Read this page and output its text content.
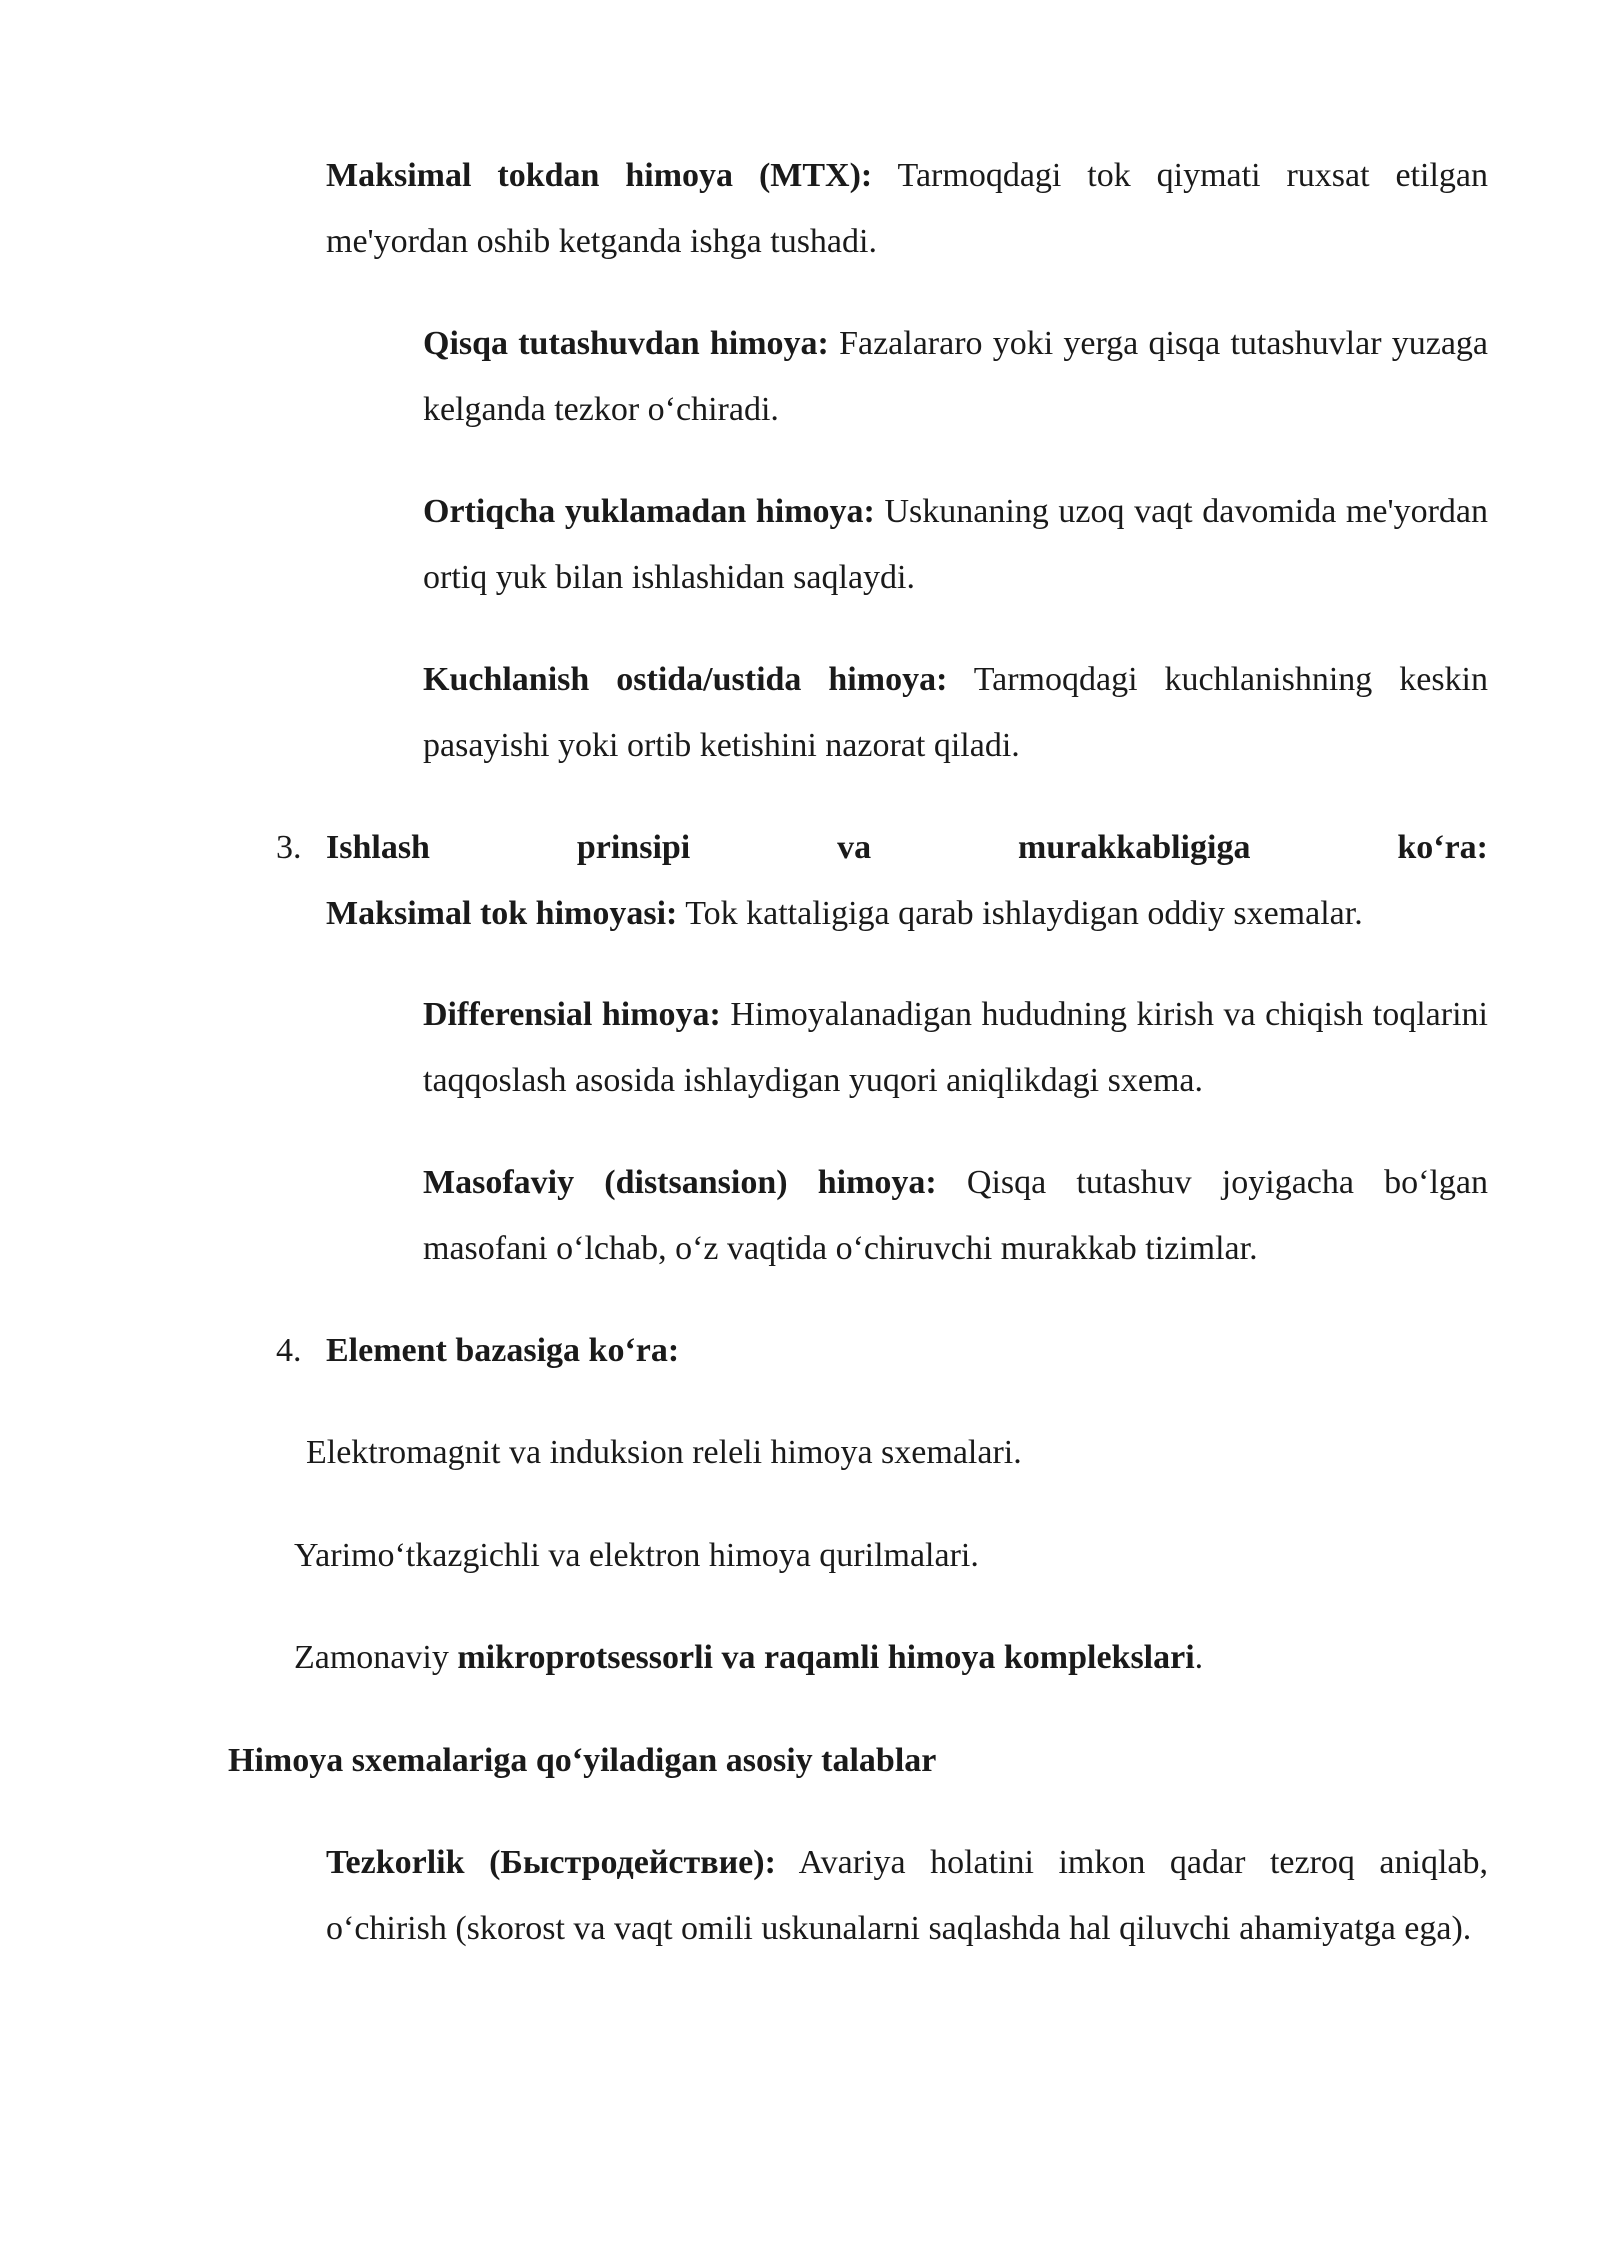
Maksimal tokdan himoya (MTX): Tarmoqdagi tok qiymati ruxsat etilgan me'yordan oshib ketganda ishga tushadi.

Qisqa tutashuvdan himoya: Fazalararo yoki yerga qisqa tutashuvlar yuzaga kelganda tezkor o‘chiradi.

Ortiqcha yuklamadan himoya: Uskunaning uzoq vaqt davomida me'yordan ortiq yuk bilan ishlashidan saqlaydi.

Kuchlanish ostida/ustida himoya: Tarmoqdagi kuchlanishning keskin pasayishi yoki ortib ketishini nazorat qiladi.

3. Ishlash prinsipi va murakkabligiga ko‘ra:

Maksimal tok himoyasi: Tok kattaligiga qarab ishlaydigan oddiy sxemalar.

Differensial himoya: Himoyalanadigan hududning kirish va chiqish toqlarini taqqoslash asosida ishlaydigan yuqori aniqlikdagi sxema.

Masofaviy (distsansion) himoya: Qisqa tutashuv joyigacha bo‘lgan masofani o‘lchab, o‘z vaqtida o‘chiruvchi murakkab tizimlar.

4. Element bazasiga ko‘ra:

Elektromagnit va induksion releli himoya sxemalari.

Yarimo‘tkazgichli va elektron himoya qurilmalari.

Zamonaviy mikroprotsessorli va raqamli himoya komplekslari.

Himoya sxemalariga qo‘yiladigan asosiy talablar

Tezkorlik (Быстродействие): Avariya holatini imkon qadar tezroq aniqlab, o‘chirish (skorost va vaqt omili uskunalarni saqlashda hal qiluvchi ahamiyatga ega).
